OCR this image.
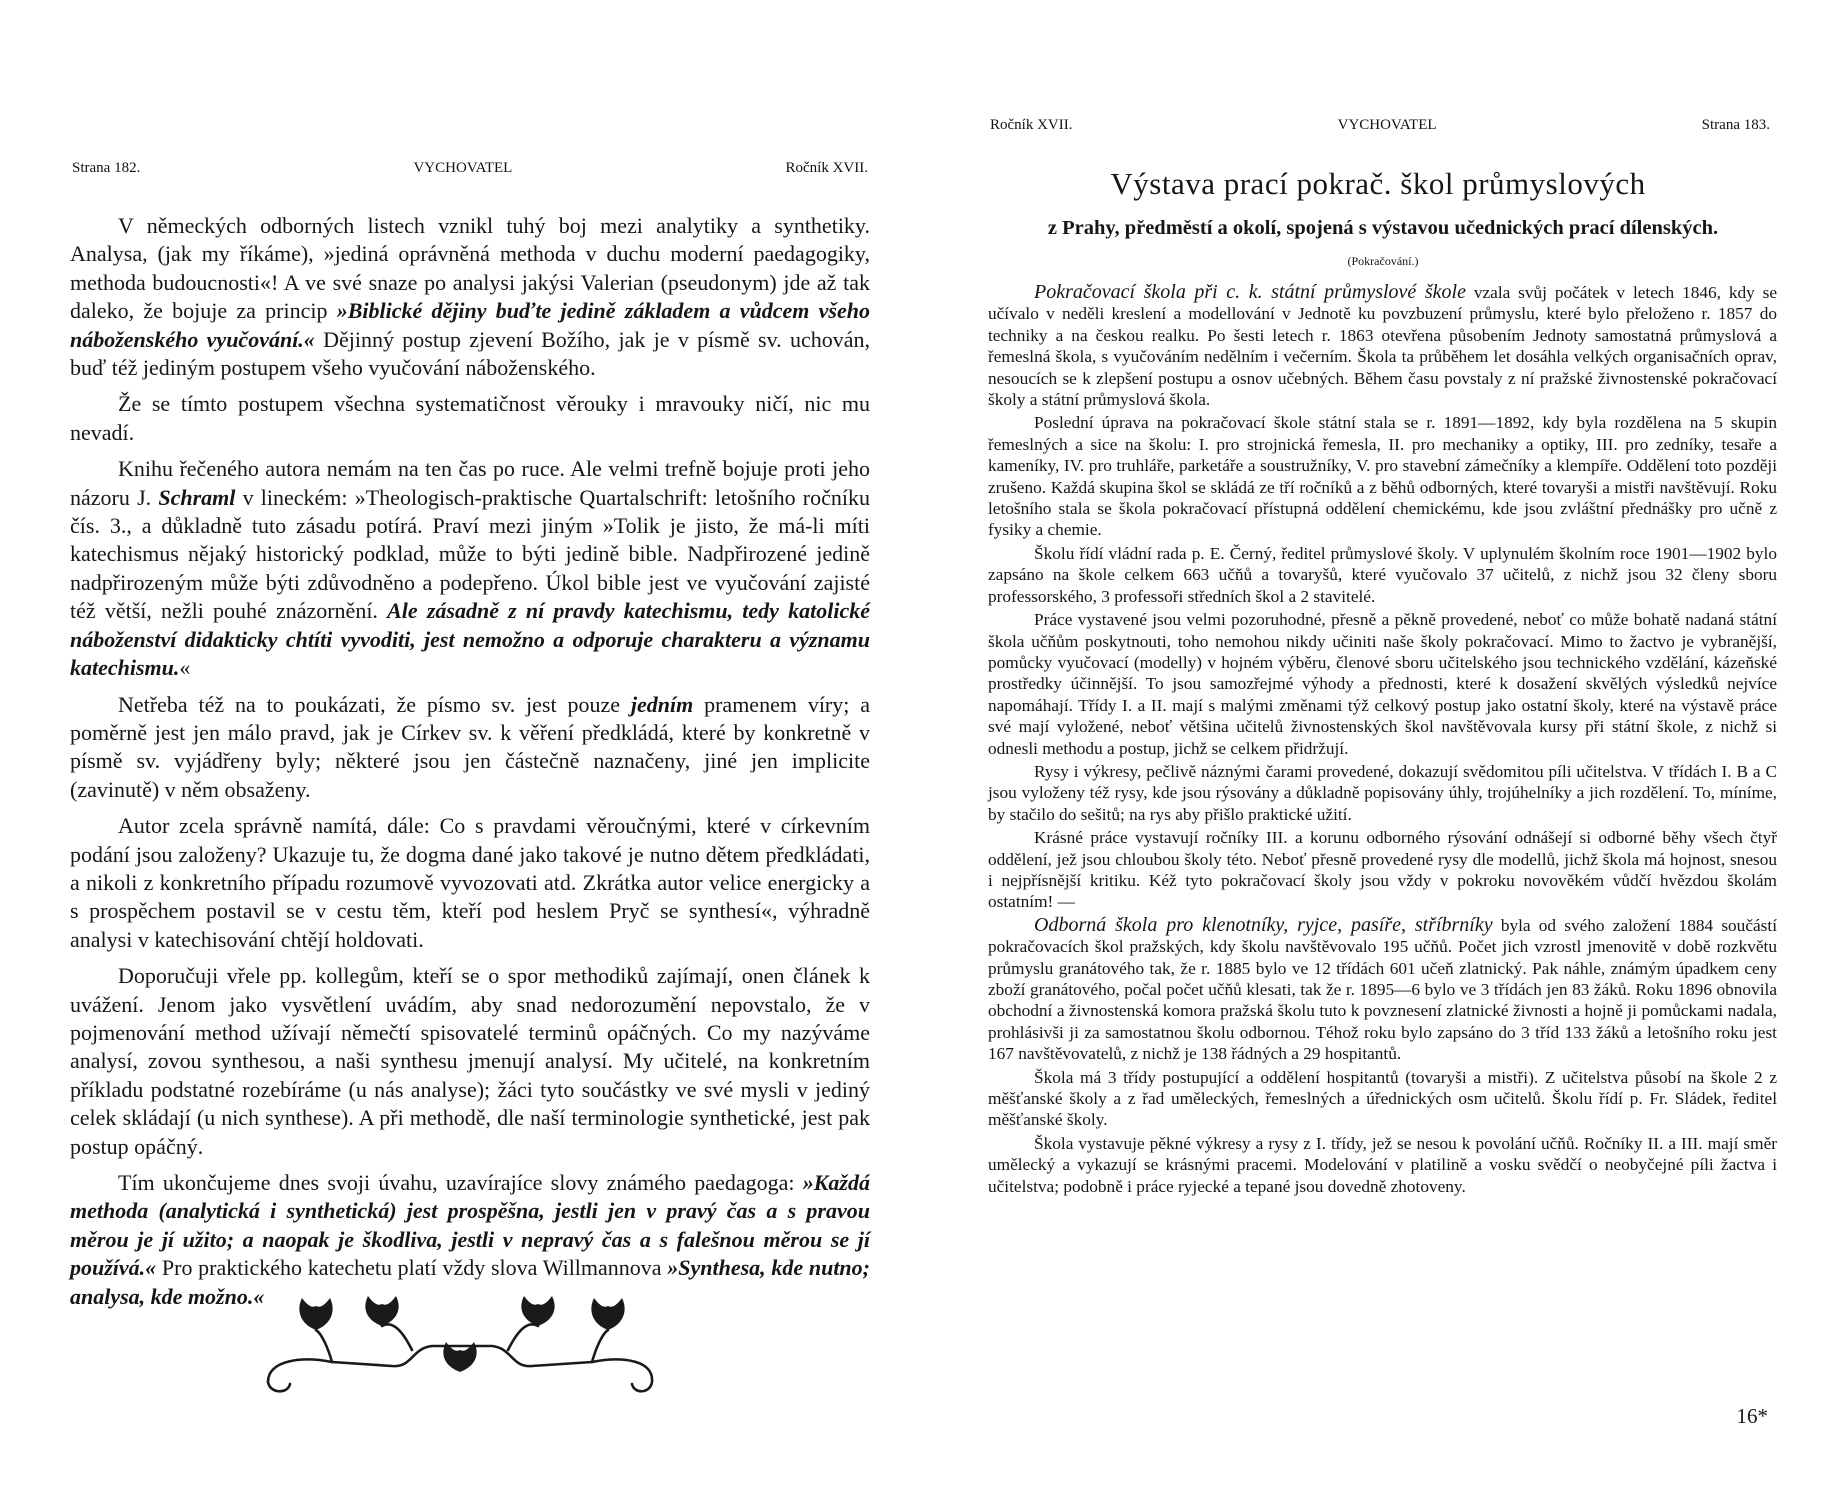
Strana 182.	VYCHOVATEL	Ročník XVII.

V německých odborných listech vznikl tuhý boj mezi analytiky a synthetiky. Analysa, (jak my říkáme), »jediná oprávněná methoda v duchu moderní paedagogiky, methoda budoucnosti«! A ve své snaze po analysi jakýsi Valerian (pseudonym) jde až tak daleko, že bojuje za princip »Biblické dějiny buďte jedině základem a vůdcem všeho náboženského vyučování.« Dějinný postup zjevení Božího, jak je v písmě sv. uchován, buď též jediným postupem všeho vyučování náboženského.

Že se tímto postupem všechna systematičnost věrouky i mravouky ničí, nic mu nevadí.

Knihu řečeného autora nemám na ten čas po ruce. Ale velmi trefně bojuje proti jeho názoru J. Schraml v lineckém: »Theologisch-praktische Quartalschrift: letošního ročníku čís. 3., a důkladně tuto zásadu potírá. Praví mezi jiným »Tolik je jisto, že má-li míti katechismus nějaký historický podklad, může to býti jedině bible. Nadpřirozené jedině nadpřirozeným může býti zdůvodněno a podepřeno. Úkol bible jest ve vyučování zajisté též větší, nežli pouhé znázornění. Ale zásadně z ní pravdy katechismu, tedy katolické náboženství didakticky chtíti vyvoditi, jest nemožno a odporuje charakteru a významu katechismu.«

Netřeba též na to poukázati, že písmo sv. jest pouze jedním pramenem víry; a poměrně jest jen málo pravd, jak je Církev sv. k věření předkládá, které by konkretně v písmě sv. vyjádřeny byly; některé jsou jen částečně naznačeny, jiné jen implicite (zavinutě) v něm obsaženy.

Autor zcela správně namítá, dále: Co s pravdami věroučnými, které v církevním podání jsou založeny? Ukazuje tu, že dogma dané jako takové je nutno dětem předkládati, a nikoli z konkretního případu rozumově vyvozovati atd. Zkrátka autor velice energicky a s prospěchem postavil se v cestu těm, kteří pod heslem Pryč se synthesí«, výhradně analysi v katechisování chtějí holdovati.

Doporučuji vřele pp. kollegům, kteří se o spor methodiků zajímají, onen článek k uvážení. Jenom jako vysvětlení uvádím, aby snad nedorozumění nepovstalo, že v pojmenování method užívají němečtí spisovatelé terminů opáčných. Co my nazýváme analysí, zovou synthesou, a naši synthesu jmenují analysí. My učitelé, na konkretním příkladu podstatné rozebíráme (u nás analyse); žáci tyto součástky ve své mysli v jediný celek skládají (u nich synthese). A při methodě, dle naší terminologie synthetické, jest pak postup opáčný.

Tím ukončujeme dnes svoji úvahu, uzavírajíce slovy známého paedagoga: »Každá methoda (analytická i synthetická) jest prospěšna, jestli jen v pravý čas a s pravou měrou je jí užito; a naopak je škodliva, jestli v nepravý čas a s falešnou měrou se jí používá.« Pro praktického katechetu platí vždy slova Willmannova »Synthesa, kde nutno; analysa, kde možno.«

Ročník XVII.	VYCHOVATEL	Strana 183.
Výstava prací pokrač. škol průmyslových
z Prahy, předměstí a okolí, spojená s výstavou učednických prací dílenských.
(Pokračování.)

Pokračovací škola při c. k. státní průmyslové škole vzala svůj počátek v letech 1846, kdy se učívalo v neděli kreslení a modellování v Jednotě ku povzbuzení průmyslu, které bylo přeloženo r. 1857 do techniky a na českou realku. Po šesti letech r. 1863 otevřena působením Jednoty samostatná průmyslová a řemeslná škola, s vyučováním nedělním i večerním. Škola ta průběhem let dosáhla velkých organisačních oprav, nesoucích se k zlepšení postupu a osnov učebných. Během času povstaly z ní pražské živnostenské pokračovací školy a státní průmyslová škola.

Poslední úprava na pokračovací škole státní stala se r. 1891—1892, kdy byla rozdělena na 5 skupin řemeslných a sice na školu: I. pro strojnická řemesla, II. pro mechaniky a optiky, III. pro zedníky, tesaře a kameníky, IV. pro truhláře, parketáře a soustružníky, V. pro stavební zámečníky a klempíře. Oddělení toto později zrušeno. Každá skupina škol se skládá ze tří ročníků a z běhů odborných, které tovaryši a mistři navštěvují. Roku letošního stala se škola pokračovací přístupná oddělení chemickému, kde jsou zvláštní přednášky pro učně z fysiky a chemie.

Školu řídí vládní rada p. E. Černý, ředitel průmyslové školy. V uplynulém školním roce 1901—1902 bylo zapsáno na škole celkem 663 učňů a tovaryšů, které vyučovalo 37 učitelů, z nichž jsou 32 členy sboru professorského, 3 professoři středních škol a 2 stavitelé.

Práce vystavené jsou velmi pozoruhodné, přesně a pěkně provedené, neboť co může bohatě nadaná státní škola učňům poskytnouti, toho nemohou nikdy učiniti naše školy pokračovací. Mimo to žactvo je vybranější, pomůcky vyučovací (modelly) v hojném výběru, členové sboru učitelského jsou technického vzdělání, kázeňské prostředky účinnější. To jsou samozřejmé výhody a přednosti, které k dosažení skvělých výsledků nejvíce napomáhají. Třídy I. a II. mají s malými změnami týž celkový postup jako ostatní školy, které na výstavě práce své mají vyložené, neboť většina učitelů živnostenských škol navštěvovala kursy při státní škole, z nichž si odnesli methodu a postup, jichž se celkem přidržují.

Rysy i výkresy, pečlivě náznými čarami provedené, dokazují svědomitou píli učitelstva. V třídách I. B a C jsou vyloženy též rysy, kde jsou rýsovány a důkladně popisovány úhly, trojúhelníky a jich rozdělení. To, míníme, by stačilo do sešitů; na rys aby přišlo praktické užití.

Krásné práce vystavují ročníky III. a korunu odborného rýsování odnášejí si odborné běhy všech čtyř oddělení, jež jsou chloubou školy této. Neboť přesně provedené rysy dle modellů, jichž škola má hojnost, snesou i nejpřísnější kritiku. Kéž tyto pokračovací školy jsou vždy v pokroku novověkém vůdčí hvězdou školám ostatním! —

Odborná škola pro klenotníky, ryjce, pasíře, stříbrníky byla od svého založení 1884 součástí pokračovacích škol pražských, kdy školu navštěvovalo 195 učňů. Počet jich vzrostl jmenovitě v době rozkvětu průmyslu granátového tak, že r. 1885 bylo ve 12 třídách 601 učeň zlatnický. Pak náhle, známým úpadkem ceny zboží granátového, počal počet učňů klesati, tak že r. 1895—6 bylo ve 3 třídách jen 83 žáků. Roku 1896 obnovila obchodní a živnostenská komora pražská školu tuto k povznesení zlatnické živnosti a hojně ji pomůckami nadala, prohlásivši ji za samostatnou školu odbornou. Téhož roku bylo zapsáno do 3 tříd 133 žáků a letošního roku jest 167 navštěvovatelů, z nichž je 138 řádných a 29 hospitantů.

Škola má 3 třídy postupující a oddělení hospitantů (tovaryši a mistři). Z učitelstva působí na škole 2 z měšťanské školy a z řad uměleckých, řemeslných a úřednických osm učitelů. Školu řídí p. Fr. Sládek, ředitel měšťanské školy.

Škola vystavuje pěkné výkresy a rysy z I. třídy, jež se nesou k povolání učňů. Ročníky II. a III. mají směr umělecký a vykazují se krásnými pracemi. Modelování v platilině a vosku svědčí o neobyčejné píli žactva i učitelstva; podobně i práce ryjecké a tepané jsou dovedně zhotoveny.

16*
